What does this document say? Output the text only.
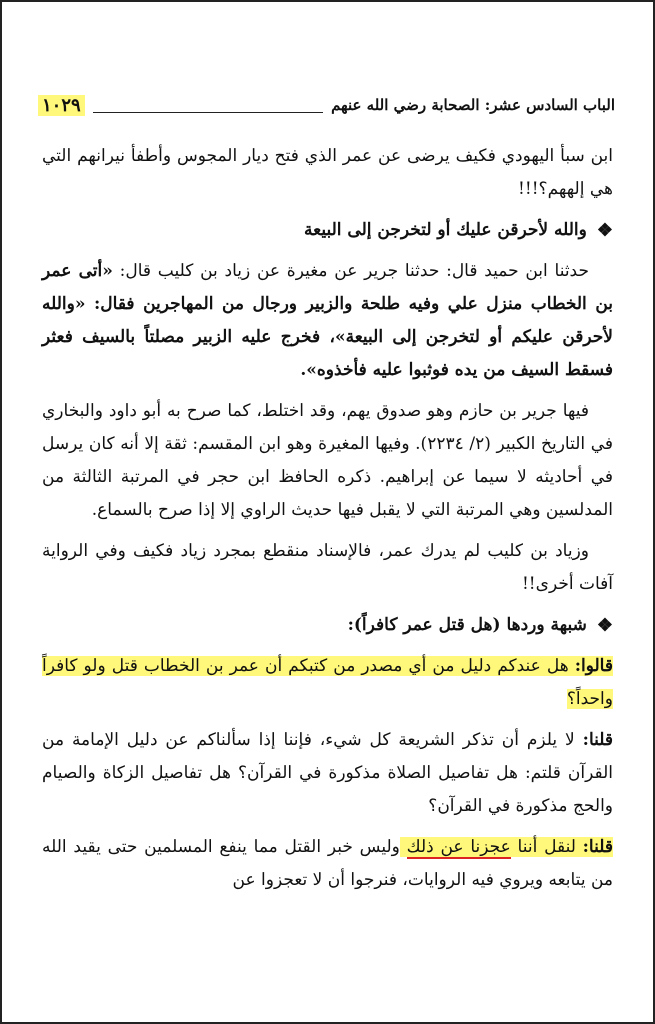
الباب السادس عشر: الصحابة رضي الله عنهم
١٠٢٩

ابن سبأ اليهودي فكيف يرضى عن عمر الذي فتح ديار المجوس وأطفأ نيرانهم التي هي إلههم؟!!!

❖
والله لأحرقن عليك أو لتخرجن إلى البيعة

حدثنا ابن حميد قال: حدثنا جرير عن مغيرة عن زياد بن كليب قال: «أتى عمر بن الخطاب منزل علي وفيه طلحة والزبير ورجال من المهاجرين فقال: «والله لأحرقن عليكم أو لتخرجن إلى البيعة»، فخرج عليه الزبير مصلتاً بالسيف فعثر فسقط السيف من يده فوثبوا عليه فأخذوه».

فيها جرير بن حازم وهو صدوق يهم، وقد اختلط، كما صرح به أبو داود والبخاري في التاريخ الكبير (٢/ ٢٢٣٤). وفيها المغيرة وهو ابن المقسم: ثقة إلا أنه كان يرسل في أحاديثه لا سيما عن إبراهيم. ذكره الحافظ ابن حجر في المرتبة الثالثة من المدلسين وهي المرتبة التي لا يقبل فيها حديث الراوي إلا إذا صرح بالسماع.

وزياد بن كليب لم يدرك عمر، فالإسناد منقطع بمجرد زياد فكيف وفي الرواية آفات أخرى!!

❖
شبهة وردها (هل قتل عمر كافراً):

قالوا: هل عندكم دليل من أي مصدر من كتبكم أن عمر بن الخطاب قتل ولو كافراً واحداً؟

قلنا: لا يلزم أن تذكر الشريعة كل شيء، فإننا إذا سألناكم عن دليل الإمامة من القرآن قلتم: هل تفاصيل الصلاة مذكورة في القرآن؟ هل تفاصيل الزكاة والصيام والحج مذكورة في القرآن؟

قلنا: لنقل أننا عجزنا عن ذلك وليس خبر القتل مما ينفع المسلمين حتى يقيد الله من يتابعه ويروي فيه الروايات، فنرجوا أن لا تعجزوا عن
